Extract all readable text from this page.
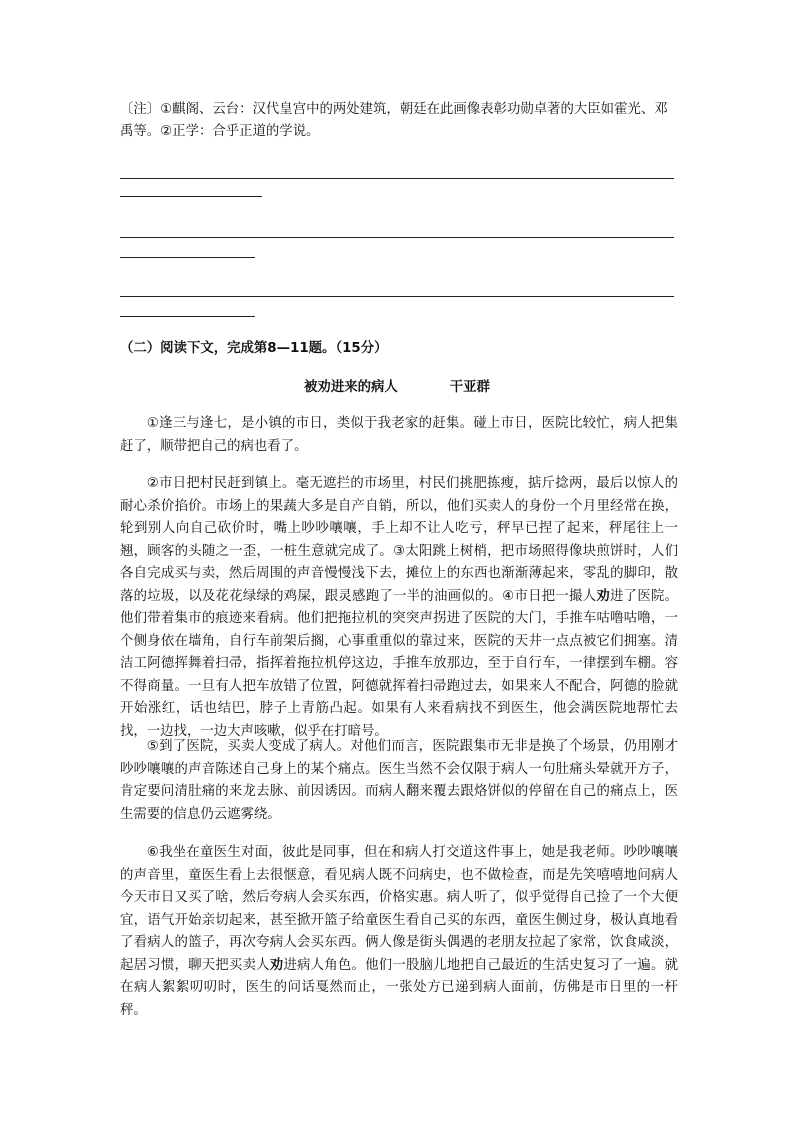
〔注〕①麒阁、云台：汉代皇宫中的两处建筑，朝廷在此画像表彰功勋卓著的大臣如霍光、邓禹等。②正学：合乎正道的学说。
（二）阅读下文，完成第8—11题。（15分）
被劝进来的病人	干亚群
①逢三与逢七，是小镇的市日，类似于我老家的赶集。碰上市日，医院比较忙，病人把集赶了，顺带把自己的病也看了。
②市日把村民赶到镇上。毫无遮拦的市场里，村民们挑肥拣瘦，掂斤捻两，最后以惊人的耐心杀价掐价。市场上的果蔬大多是自产自销，所以，他们买卖人的身份一个月里经常在换，轮到别人向自己砍价时，嘴上吵吵嚷嚷，手上却不让人吃亏，秤早已捏了起来，秤尾往上一翘，顾客的头随之一歪，一桩生意就完成了。③太阳跳上树梢，把市场照得像块煎饼时，人们各自完成买与卖，然后周围的声音慢慢浅下去，摊位上的东西也渐渐薄起来，零乱的脚印，散落的垃圾，以及花花绿绿的鸡屎，跟灵感跑了一半的油画似的。④市日把一撮人劝进了医院。他们带着集市的痕迹来看病。他们把拖拉机的突突声拐进了医院的大门，手推车咕噜咕噜，一个侧身依在墙角，自行车前架后搁，心事重重似的靠过来，医院的天井一点点被它们拥塞。清洁工阿德挥舞着扫帚，指挥着拖拉机停这边，手推车放那边，至于自行车，一律摆到车棚。容不得商量。一旦有人把车放错了位置，阿德就挥着扫帚跑过去，如果来人不配合，阿德的脸就开始涨红，话也结巴，脖子上青筋凸起。如果有人来看病找不到医生，他会满医院地帮忙去找，一边找，一边大声咳嗽，似乎在打暗号。
⑤到了医院，买卖人变成了病人。对他们而言，医院跟集市无非是换了个场景，仍用刚才吵吵嚷嚷的声音陈述自己身上的某个痛点。医生当然不会仅限于病人一句肚痛头晕就开方子，肯定要问清肚痛的来龙去脉、前因诱因。而病人翻来覆去跟烙饼似的停留在自己的痛点上，医生需要的信息仍云遮雾绕。
⑥我坐在童医生对面，彼此是同事，但在和病人打交道这件事上，她是我老师。吵吵嚷嚷的声音里，童医生看上去很惬意，看见病人既不问病史，也不做检查，而是先笑嘻嘻地问病人今天市日又买了啥，然后夸病人会买东西，价格实惠。病人听了，似乎觉得自己捡了一个大便宜，语气开始亲切起来，甚至掀开篮子给童医生看自己买的东西，童医生侧过身，极认真地看了看病人的篮子，再次夸病人会买东西。俩人像是街头偶遇的老朋友拉起了家常，饮食咸淡，起居习惯，聊天把买卖人劝进病人角色。他们一股脑儿地把自己最近的生活史复习了一遍。就在病人絮絮叨叨时，医生的问话戛然而止，一张处方已递到病人面前，仿佛是市日里的一杆秤。
